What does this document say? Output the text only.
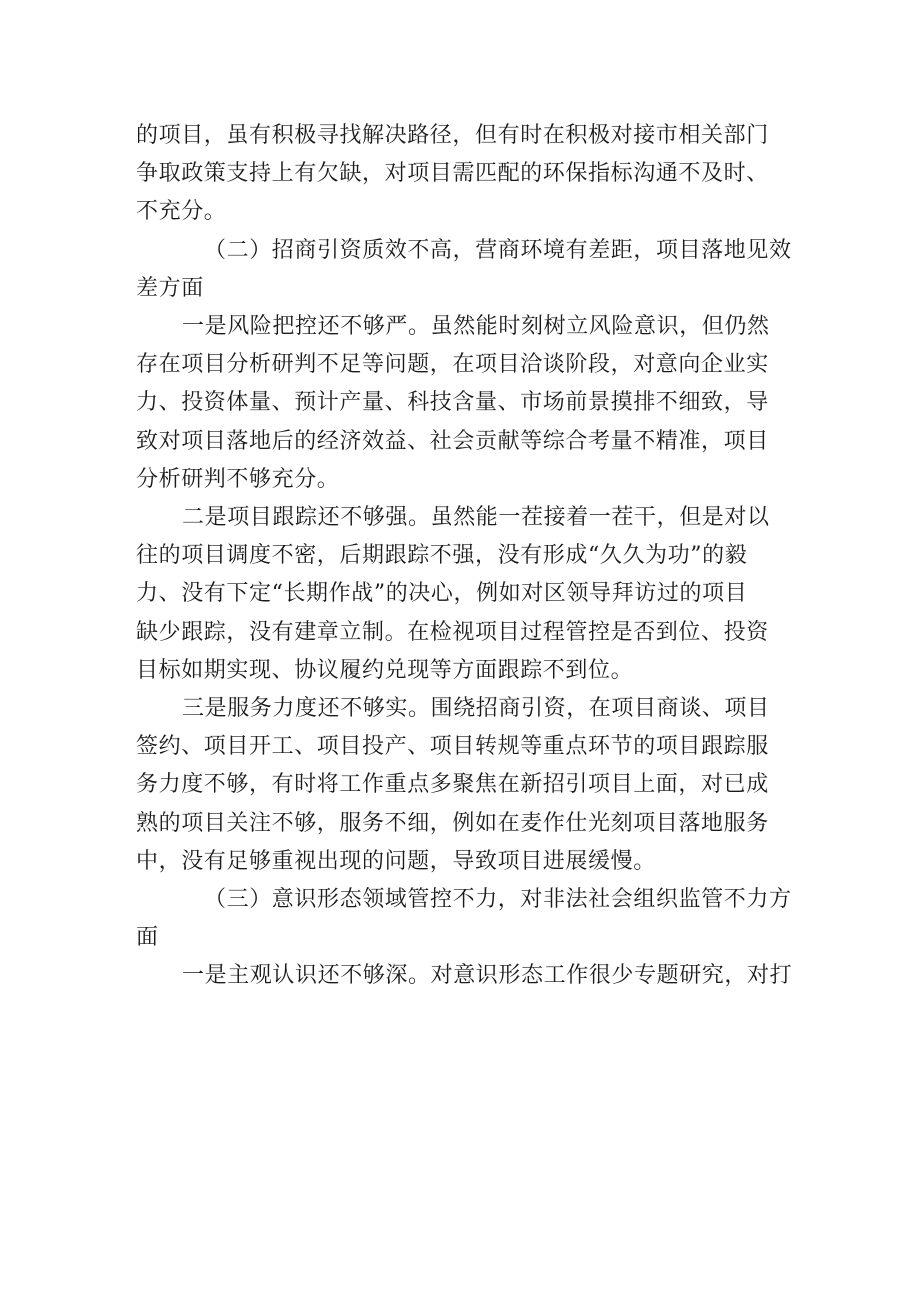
的项目，虽有积极寻找解决路径，但有时在积极对接市相关部门
争取政策支持上有欠缺，对项目需匹配的环保指标沟通不及时、
不充分。

（二）招商引资质效不高，营商环境有差距，项目落地见效
差方面

一是风险把控还不够严。虽然能时刻树立风险意识，但仍然
存在项目分析研判不足等问题，在项目洽谈阶段，对意向企业实
力、投资体量、预计产量、科技含量、市场前景摸排不细致，导
致对项目落地后的经济效益、社会贡献等综合考量不精准，项目
分析研判不够充分。

二是项目跟踪还不够强。虽然能一茬接着一茬干，但是对以
往的项目调度不密，后期跟踪不强，没有形成“久久为功”的毅
力、没有下定“长期作战”的决心，例如对区领导拜访过的项目
缺少跟踪，没有建章立制。在检视项目过程管控是否到位、投资
目标如期实现、协议履约兑现等方面跟踪不到位。

三是服务力度还不够实。围绕招商引资，在项目商谈、项目
签约、项目开工、项目投产、项目转规等重点环节的项目跟踪服
务力度不够，有时将工作重点多聚焦在新招引项目上面，对已成
熟的项目关注不够，服务不细，例如在麦作仕光刻项目落地服务
中，没有足够重视出现的问题，导致项目进展缓慢。

（三）意识形态领域管控不力，对非法社会组织监管不力方
面

一是主观认识还不够深。对意识形态工作很少专题研究，对打
